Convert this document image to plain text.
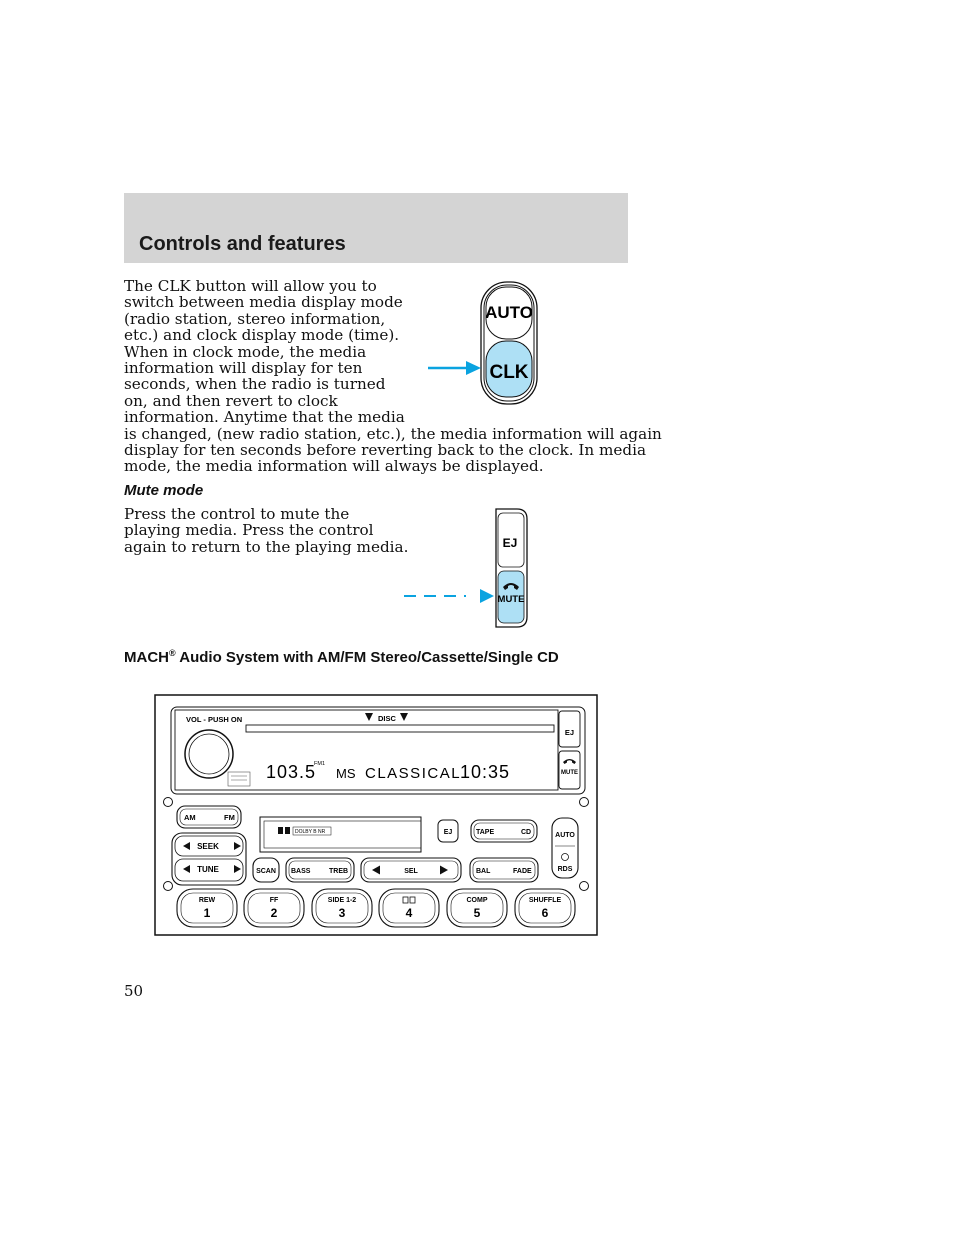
Controls and features

The CLK button will allow you to

switch between media display mode

(radio station, stereo information,

etc.) and clock display mode (time).

When in clock mode, the media

information will display for ten

seconds, when the radio is turned

on, and then revert to clock

information. Anytime that the media

is changed, (new radio station, etc.), the media information will again

display for ten seconds before reverting back to the clock. In media

mode, the media information will always be displayed.

AUTO
CLK
Mute mode

Press the control to mute the

playing media. Press the control

again to return to the playing media.	EJ
MUTE
MACH® Audio System with AM/FM Stereo/Cassette/Single CD
VOL - PUSH ON	DISC
103.5
FM1
MS CLASSICAL
10:35
EJ
MUTE
AM	FM
DOLBY B NR	EJ	TAPE	CD	AUTO
RDS
SEEK
TUNE	SCAN BASS	TREB	SEL	BAL	FADE
REW
1
FF
2
SIDE 1-2
3	4
COMP
5
SHUFFLE
6
50
